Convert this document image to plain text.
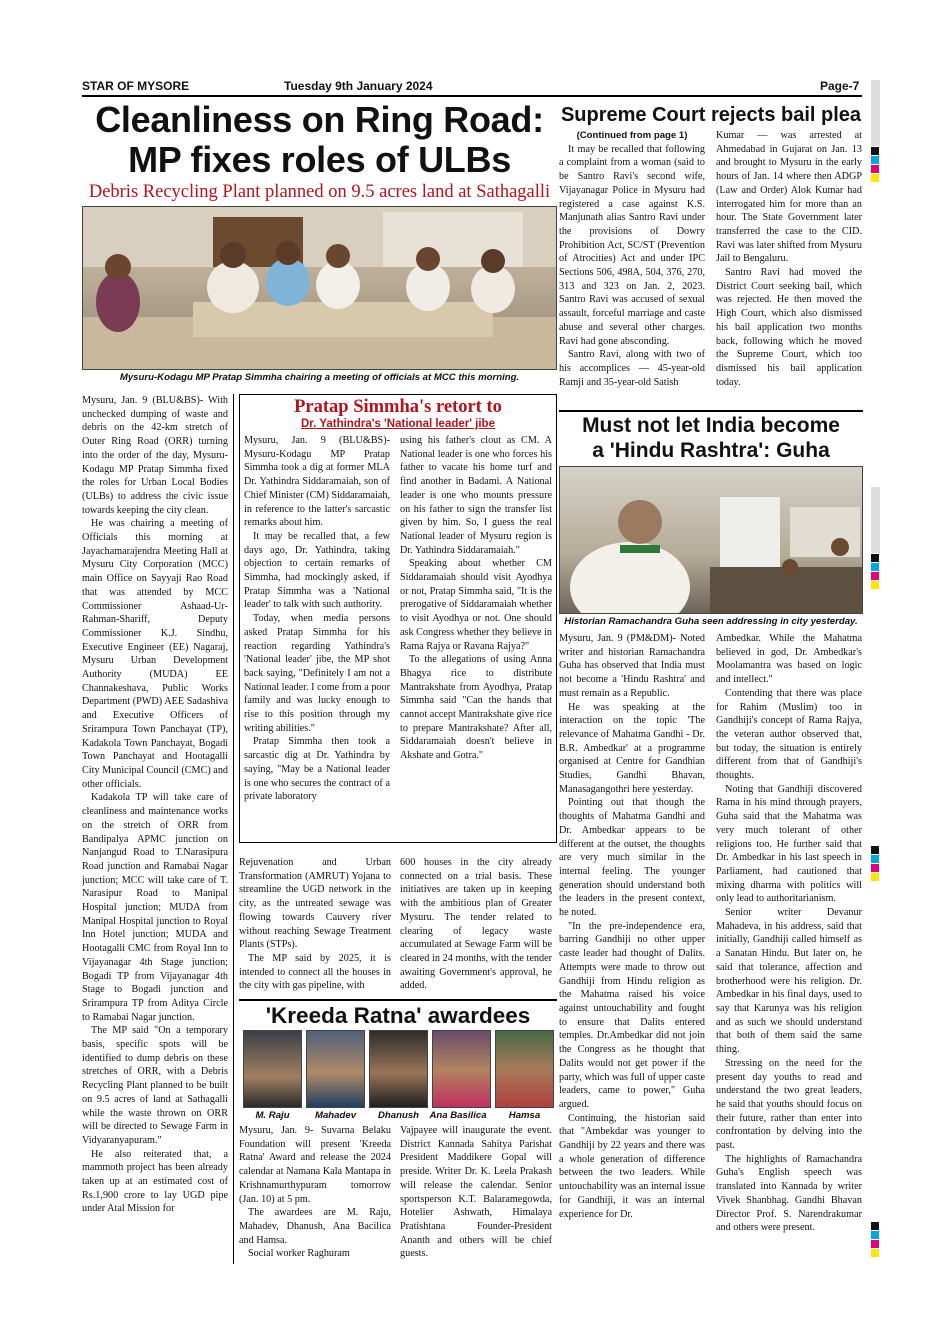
STAR OF MYSORE	Tuesday 9th January 2024	Page-7
Cleanliness on Ring Road:
MP fixes roles of ULBs
Debris Recycling Plant planned on 9.5 acres land at Sathagalli
Mysuru-Kodagu MP Pratap Simmha chairing a meeting of officials at MCC this morning.

Mysuru, Jan. 9 (BLU&BS)- With unchecked dumping of waste and debris on the 42-km stretch of Outer Ring Road (ORR) turning into the order of the day, Mysuru-Kodagu MP Pratap Simmha fixed the roles for Urban Local Bodies (ULBs) to address the civic issue towards keeping the city clean.

He was chairing a meeting of Officials this morning at Jayachamarajendra Meeting Hall at Mysuru City Corporation (MCC) main Office on Sayyaji Rao Road that was attended by MCC Commissioner Ashaad-Ur-Rahman-Shariff, Deputy Commissioner K.J. Sindhu, Executive Engineer (EE) Nagaraj, Mysuru Urban Development Authority (MUDA) EE Channakeshava, Public Works Department (PWD) AEE Sadashiva and Executive Officers of Srirampura Town Panchayat (TP), Kadakola Town Panchayat, Bogadi Town Panchayat and Hootagalli City Municipal Council (CMC) and other officials.

Kadakola TP will take care of cleanliness and maintenance works on the stretch of ORR from Bandipalya APMC junction on Nanjangud Road to T.Narasipura Road junction and Ramabai Nagar junction; MCC will take care of T. Narasipur Road to Manipal Hospital junction; MUDA from Manipal Hospital junction to Royal Inn Hotel junction; MUDA and Hootagalli CMC from Royal Inn to Vijayanagar 4th Stage junction; Bogadi TP from Vijayanagar 4th Stage to Bogadi junction and Srirampura TP from Aditya Circle to Ramabai Nagar junction.

The MP said "On a temporary basis, specific spots will be identified to dump debris on these stretches of ORR, with a Debris Recycling Plant planned to be built on 9.5 acres of land at Sathagalli while the waste thrown on ORR will be directed to Sewage Farm in Vidyaranyapuram."

He also reiterated that, a mammoth project has been already taken up at an estimated cost of Rs.1,900 crore to lay UGD pipe under Atal Mission for

Pratap Simmha's retort to
Dr. Yathindra's 'National leader' jibe

Mysuru, Jan. 9 (BLU&BS)- Mysuru-Kodagu MP Pratap Simmha took a dig at former MLA Dr. Yathindra Siddaramaiah, son of Chief Minister (CM) Siddaramaiah, in reference to the latter's sarcastic remarks about him.

It may be recalled that, a few days ago, Dr. Yathindra, taking objection to certain remarks of Simmha, had mockingly asked, if Pratap Simmha was a 'National leader' to talk with such authority.

Today, when media persons asked Pratap Simmha for his reaction regarding Yathindra's 'National leader' jibe, the MP shot back saying, "Definitely I am not a National leader. I come from a poor family and was lucky enough to rise to this position through my writing abilities."

Pratap Simmha then took a sarcastic dig at Dr. Yathindra by saying, "May be a National leader is one who secures the contract of a private laboratory

using his father's clout as CM. A National leader is one who forces his father to vacate his home turf and find another in Badami. A National leader is one who mounts pressure on his father to sign the transfer list given by him. So, I guess the real National leader of Mysuru region is Dr. Yathindra Siddaramaiah."

Speaking about whether CM Siddaramaiah should visit Ayodhya or not, Pratap Simmha said, "It is the prerogative of Siddaramaiah whether to visit Ayodhya or not. One should ask Congress whether they believe in Rama Rajya or Ravana Rajya?"

To the allegations of using Anna Bhagya rice to distribute Mantrakshate from Ayodhya, Pratap Simmha said "Can the hands that cannot accept Mantrakshate give rice to prepare Mantrakshate? After all, Siddaramaiah doesn't believe in Akshate and Gotra."

Rejuvenation and Urban Transformation (AMRUT) Yojana to streamline the UGD network in the city, as the untreated sewage was flowing towards Cauvery river without reaching Sewage Treatment Plants (STPs).

The MP said by 2025, it is intended to connect all the houses in the city with gas pipeline, with

600 houses in the city already connected on a trial basis. These initiatives are taken up in keeping with the ambitious plan of Greater Mysuru. The tender related to clearing of legacy waste accumulated at Sewage Farm will be cleared in 24 months, with the tender awaiting Government's approval, he added.

'Kreeda Ratna' awardees
M. Raju	Mahadev	Dhanush	Ana Basilica	Hamsa

Mysuru, Jan. 9- Suvarna Belaku Foundation will present 'Kreeda Ratna' Award and release the 2024 calendar at Namana Kala Mantapa in Krishnamurthypuram tomorrow (Jan. 10) at 5 pm.

The awardees are M. Raju, Mahadev, Dhanush, Ana Bacilica and Hamsa.

Social worker Raghuram

Vajpayee will inaugurate the event. District Kannada Sahitya Parishat President Maddikere Gopal will preside. Writer Dr. K. Leela Prakash will release the calendar. Senior sportsperson K.T. Balaramegowda, Hotelier Ashwath, Himalaya Pratishtana Founder-President Ananth and others will be chief guests.

Supreme Court rejects bail plea

(Continued from page 1)

It may be recalled that following a complaint from a woman (said to be Santro Ravi's second wife, Vijayanagar Police in Mysuru had registered a case against K.S. Manjunath alias Santro Ravi under the provisions of Dowry Prohibition Act, SC/ST (Prevention of Atrocities) Act and under IPC Sections 506, 498A, 504, 376, 270, 313 and 323 on Jan. 2, 2023. Santro Ravi was accused of sexual assault, forceful marriage and caste abuse and several other charges. Ravi had gone absconding.

Santro Ravi, along with two of his accomplices — 45-year-old Ramji and 35-year-old Satish

Kumar — was arrested at Ahmedabad in Gujarat on Jan. 13 and brought to Mysuru in the early hours of Jan. 14 where then ADGP (Law and Order) Alok Kumar had interrogated him for more than an hour. The State Government later transferred the case to the CID. Ravi was later shifted from Mysuru Jail to Bengaluru.

Santro Ravi had moved the District Court seeking bail, which was rejected. He then moved the High Court, which also dismissed his bail application two months back, following which he moved the Supreme Court, which too dismissed his bail application today.

Must not let India become
a 'Hindu Rashtra': Guha
Historian Ramachandra Guha seen addressing in city yesterday.

Mysuru, Jan. 9 (PM&DM)- Noted writer and historian Ramachandra Guha has observed that India must not become a 'Hindu Rashtra' and must remain as a Republic.

He was speaking at the interaction on the topic 'The relevance of Mahatma Gandhi - Dr. B.R. Ambedkar' at a programme organised at Centre for Gandhian Studies, Gandhi Bhavan, Manasagangothri here yesterday.

Pointing out that though the thoughts of Mahatma Gandhi and Dr. Ambedkar appears to be different at the outset, the thoughts are very much similar in the internal feeling. The younger generation should understand both the leaders in the present context, he noted.

"In the pre-independence era, barring Gandhiji no other upper caste leader had thought of Dalits. Attempts were made to throw out Gandhiji from Hindu religion as the Mahatma raised his voice against untouchability and fought to ensure that Dalits entered temples. Dr.Ambedkar did not join the Congress as he thought that Dalits would not get power if the party, which was full of upper caste leaders, came to power," Guha argued.

Continuing, the historian said that "Ambekdar was younger to Gandhiji by 22 years and there was a whole generation of difference between the two leaders. While untouchability was an internal issue for Gandhiji, it was an internal experience for Dr.

Ambedkar. While the Mahatma believed in god, Dr. Ambedkar's Moolamantra was based on logic and intellect."

Contending that there was place for Rahim (Muslim) too in Gandhiji's concept of Rama Rajya, the veteran author observed that, but today, the situation is entirely different from that of Gandhiji's thoughts.

Noting that Gandhiji discovered Rama in his mind through prayers, Guha said that the Mahatma was very much tolerant of other religions too. He further said that Dr. Ambedkar in his last speech in Parliament, had cautioned that mixing dharma with politics will only lead to authoritarianism.

Senior writer Devanur Mahadeva, in his address, said that initially, Gandhiji called himself as a Sanatan Hindu. But later on, he said that tolerance, affection and brotherhood were his religion. Dr. Ambedkar in his final days, used to say that Karunya was his religion and as such we should understand that both of them said the same thing.

Stressing on the need for the present day youths to read and understand the two great leaders, he said that youths should focus on their future, rather than enter into confrontation by delving into the past.

The highlights of Ramachandra Guha's English speech was translated into Kannada by writer Vivek Shanbhag. Gandhi Bhavan Director Prof. S. Narendrakumar and others were present.
